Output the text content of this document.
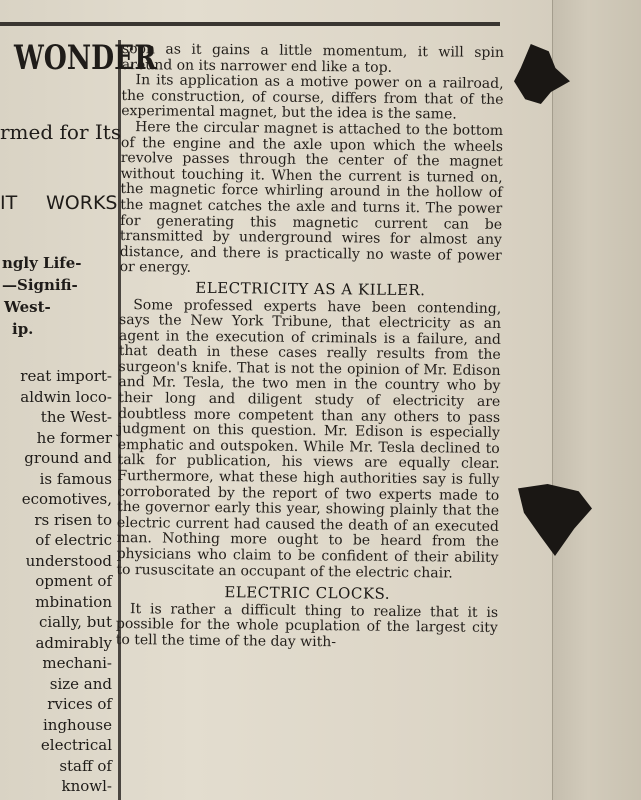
WONDER
rmed for Its
IT WORKS
ngly Life-
—Signifi-
West-
ip.
reat import-
aldwin loco-
the West-
he former
ground and
is famous
ecomotives,
rs risen to
of electric
understood
opment of
mbination
cially, but
admirably
mechani-
size and
rvices of
inghouse
electrical
staff of
knowl-

soon as it gains a little momentum, it will spin around on its narrower end like a top.

In its application as a motive power on a railroad, the construction, of course, differs from that of the experimental magnet, but the idea is the same.

Here the circular magnet is attached to the bottom of the engine and the axle upon which the wheels revolve passes through the center of the magnet without touching it. When the current is turned on, the magnetic force whirling around in the hollow of the magnet catches the axle and turns it. The power for generating this magnetic current can be transmitted by underground wires for almost any distance, and there is practically no waste of power or energy.

ELECTRICITY AS A KILLER.

Some professed experts have been contending, says the New York Tribune, that electricity as an agent in the execution of criminals is a failure, and that death in these cases really results from the surgeon's knife. That is not the opinion of Mr. Edison and Mr. Tesla, the two men in the country who by their long and diligent study of electricity are doubtless more competent than any others to pass judgment on this question. Mr. Edison is especially emphatic and outspoken. While Mr. Tesla declined to talk for publication, his views are equally clear. Furthermore, what these high authorities say is fully corroborated by the report of two experts made to the governor early this year, showing plainly that the electric current had caused the death of an executed man. Nothing more ought to be heard from the physicians who claim to be confident of their ability to rususcitate an occupant of the electric chair.

ELECTRIC CLOCKS.

It is rather a difficult thing to realize that it is possible for the whole pcuplation of the largest city to tell the time of the day with-
